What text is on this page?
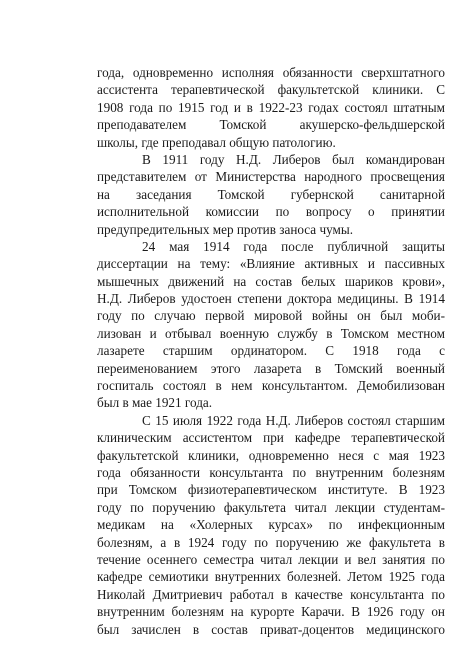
года, одновременно исполняя обязанности сверхштатного
ассистента терапевтической факультетской клиники. С
1908 года по 1915 год и в 1922-23 годах состоял штатным
преподавателем Томской акушерско-фельдшерской
школы, где преподавал общую патологию.
В 1911 году Н.Д. Либеров был командирован
представителем от Министерства народного просвещения
на заседания Томской губернской санитарной
исполнительной комиссии по вопросу о принятии
предупредительных мер против заноса чумы.
24 мая 1914 года после публичной защиты
диссертации на тему: «Влияние активных и пассивных
мышечных движений на состав белых шариков крови»,
Н.Д. Либеров удостоен степени доктора медицины. В 1914
году по случаю первой мировой войны он был моби-
лизован и отбывал военную службу в Томском местном
лазарете старшим ординатором. С 1918 года с
переименованием этого лазарета в Томский военный
госпиталь состоял в нем консультантом. Демобилизован
был в мае 1921 года.
С 15 июля 1922 года Н.Д. Либеров состоял старшим
клиническим ассистентом при кафедре терапевтической
факультетской клиники, одновременно неся с мая 1923
года обязанности консультанта по внутренним болезням
при Томском физиотерапевтическом институте. В 1923
году по поручению факультета читал лекции студентам-
медикам на «Холерных курсах» по инфекционным
болезням, а в 1924 году по поручению же факультета в
течение осеннего семестра читал лекции и вел занятия по
кафедре семиотики внутренних болезней. Летом 1925 года
Николай Дмитриевич работал в качестве консультанта по
внутренним болезням на курорте Карачи. В 1926 году он
был зачислен в состав приват-доцентов медицинского
